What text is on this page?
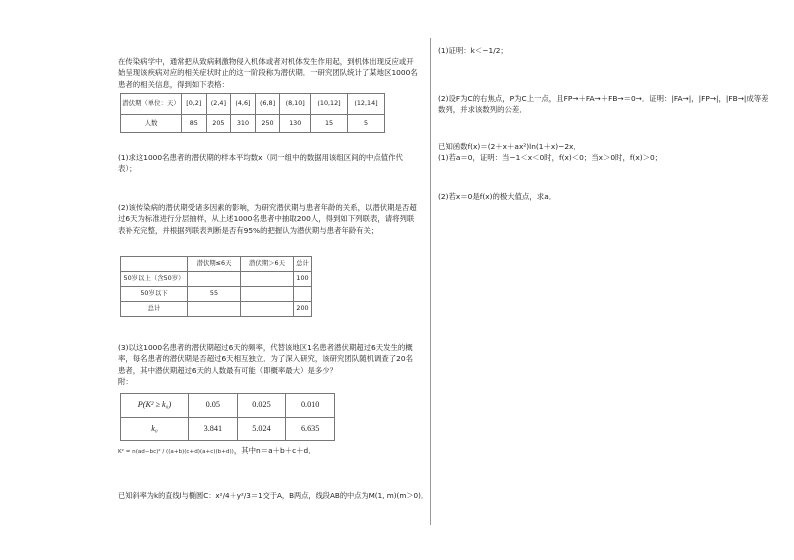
在传染病学中，通常把从致病刺激物侵入机体或者对机体发生作用起，到机体出现反应或开始呈现该疾病对应的相关症状时止的这一阶段称为潜伏期．一研究团队统计了某地区1000名患者的相关信息，得到如下表格：

潜伏期（单位：天）	[0,2]	(2,4]	(4,6]	(6,8]	(8,10]	(10,12]	(12,14]
人数	85	205	310	250	130	15	5

(1)求这1000名患者的潜伏期的样本平均数x（同一组中的数据用该组区间的中点值作代表）；

(2)该传染病的潜伏期受诸多因素的影响，为研究潜伏期与患者年龄的关系，以潜伏期是否超过6天为标准进行分层抽样，从上述1000名患者中抽取200人，得到如下列联表，请将列联表补充完整，并根据列联表判断是否有95%的把握认为潜伏期与患者年龄有关；

	潜伏期≤6天	潜伏期＞6天	总计
50岁以上（含50岁）			100
50岁以下	55		
总计			200

(3)以这1000名患者的潜伏期超过6天的频率，代替该地区1名患者潜伏期超过6天发生的概率，每名患者的潜伏期是否超过6天相互独立．为了深入研究，该研究团队随机调查了20名患者，其中潜伏期超过6天的人数最有可能（即概率最大）是多少？

附：

P(K² ≥ k₀)	0.05	0.025	0.010
k₀	3.841	5.024	6.635
K² = n(ad−bc)² / ((a+b)(c+d)(a+c)(b+d))，其中n＝a＋b＋c＋d．

已知斜率为k的直线l与椭圆C：x²/4＋y²/3＝1交于A，B两点，线段AB的中点为M(1, m)(m＞0)．

(1)证明：k＜−1/2；

(2)设F为C的右焦点，P为C上一点，且FP→＋FA→＋FB→＝0→．证明：|FA→|，|FP→|，|FB→|成等差数列，并求该数列的公差．

已知函数f(x)＝(2＋x＋ax²)ln(1＋x)−2x．

(1)若a＝0，证明：当−1＜x＜0时，f(x)＜0；当x＞0时，f(x)＞0；

(2)若x＝0是f(x)的极大值点，求a．
